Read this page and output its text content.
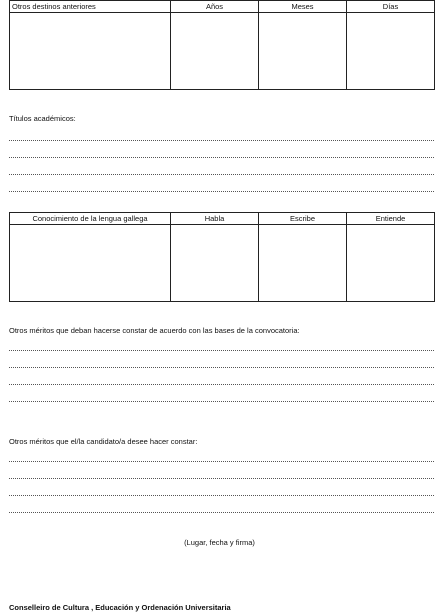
Otros destinos anteriores	Años	Meses	Días

Títulos académicos:
Conocimiento de la lengua gallega	Habla	Escribe	Entiende

Otros méritos que deban hacerse constar de acuerdo con las bases de la convocatoria:
Otros méritos que el/la candidato/a desee hacer constar:
(Lugar, fecha y firma)
Conselleiro de Cultura , Educación y Ordenación Universitaria
